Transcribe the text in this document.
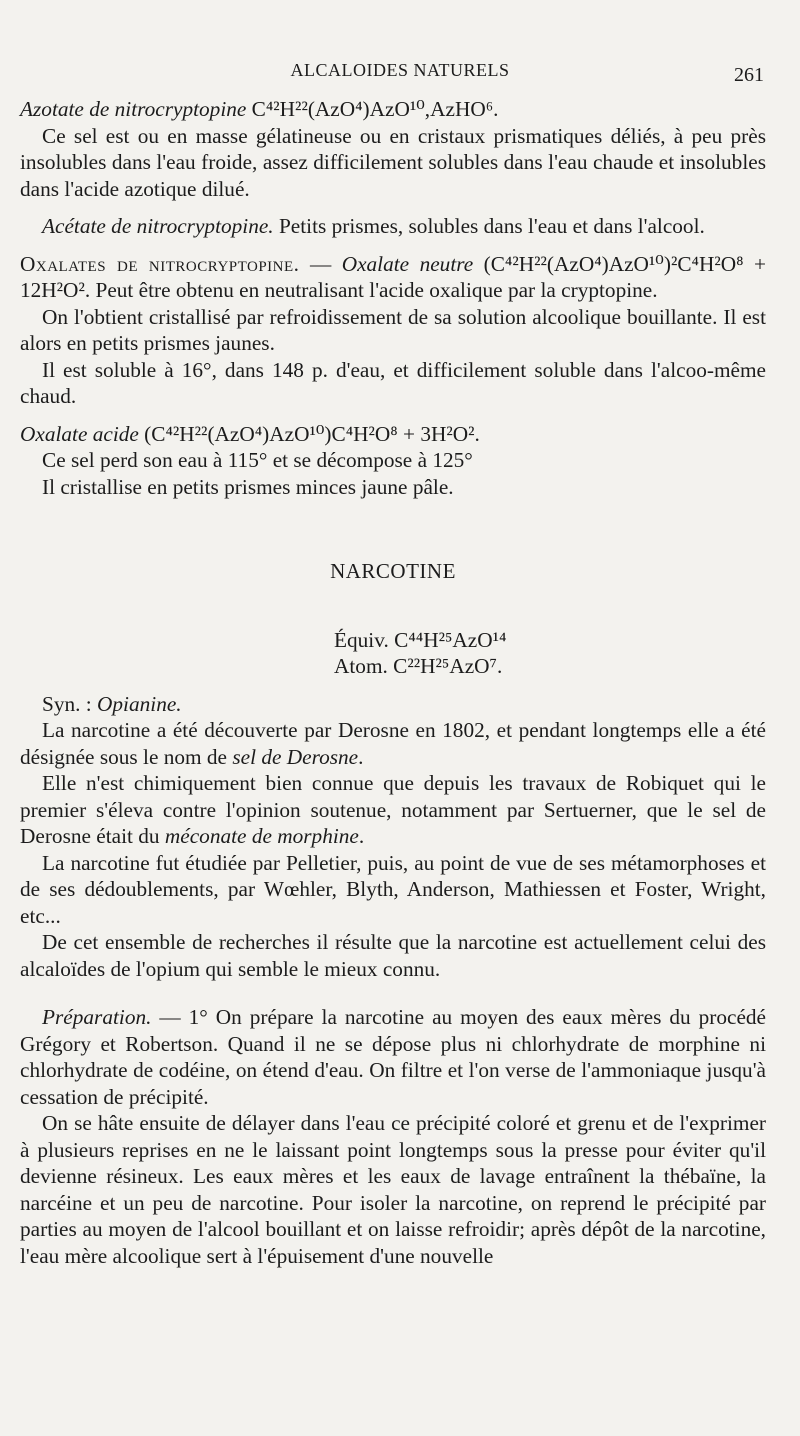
ALCALOIDES NATURELS	261

Azotate de nitrocryptopine C⁴²H²²(AzO⁴)AzO¹⁰,AzHO⁶.

Ce sel est ou en masse gélatineuse ou en cristaux prismatiques déliés, à peu près insolubles dans l'eau froide, assez difficilement solubles dans l'eau chaude et insolubles dans l'acide azotique dilué.

Acétate de nitrocryptopine. Petits prismes, solubles dans l'eau et dans l'alcool.

Oxalates de nitrocryptopine. — Oxalate neutre (C⁴²H²²(AzO⁴)AzO¹⁰)²C⁴H²O⁸ + 12H²O². Peut être obtenu en neutralisant l'acide oxalique par la cryptopine.

On l'obtient cristallisé par refroidissement de sa solution alcoolique bouillante. Il est alors en petits prismes jaunes.

Il est soluble à 16°, dans 148 p. d'eau, et difficilement soluble dans l'alcoo-même chaud.

Oxalate acide (C⁴²H²²(AzO⁴)AzO¹⁰)C⁴H²O⁸ + 3H²O².

Ce sel perd son eau à 115° et se décompose à 125°

Il cristallise en petits prismes minces jaune pâle.

NARCOTINE

Équiv. C⁴⁴H²⁵AzO¹⁴

Atom. C²²H²⁵AzO⁷.

Syn. : Opianine.

La narcotine a été découverte par Derosne en 1802, et pendant longtemps elle a été désignée sous le nom de sel de Derosne.

Elle n'est chimiquement bien connue que depuis les travaux de Robiquet qui le premier s'éleva contre l'opinion soutenue, notamment par Sertuerner, que le sel de Derosne était du méconate de morphine.

La narcotine fut étudiée par Pelletier, puis, au point de vue de ses métamorphoses et de ses dédoublements, par Wœhler, Blyth, Anderson, Mathiessen et Foster, Wright, etc...

De cet ensemble de recherches il résulte que la narcotine est actuellement celui des alcaloïdes de l'opium qui semble le mieux connu.

Préparation. — 1° On prépare la narcotine au moyen des eaux mères du procédé Grégory et Robertson. Quand il ne se dépose plus ni chlorhydrate de morphine ni chlorhydrate de codéine, on étend d'eau. On filtre et l'on verse de l'ammoniaque jusqu'à cessation de précipité.

On se hâte ensuite de délayer dans l'eau ce précipité coloré et grenu et de l'exprimer à plusieurs reprises en ne le laissant point longtemps sous la presse pour éviter qu'il devienne résineux. Les eaux mères et les eaux de lavage entraînent la thébaïne, la narcéine et un peu de narcotine. Pour isoler la narcotine, on reprend le précipité par parties au moyen de l'alcool bouillant et on laisse refroidir; après dépôt de la narcotine, l'eau mère alcoolique sert à l'épuisement d'une nouvelle
